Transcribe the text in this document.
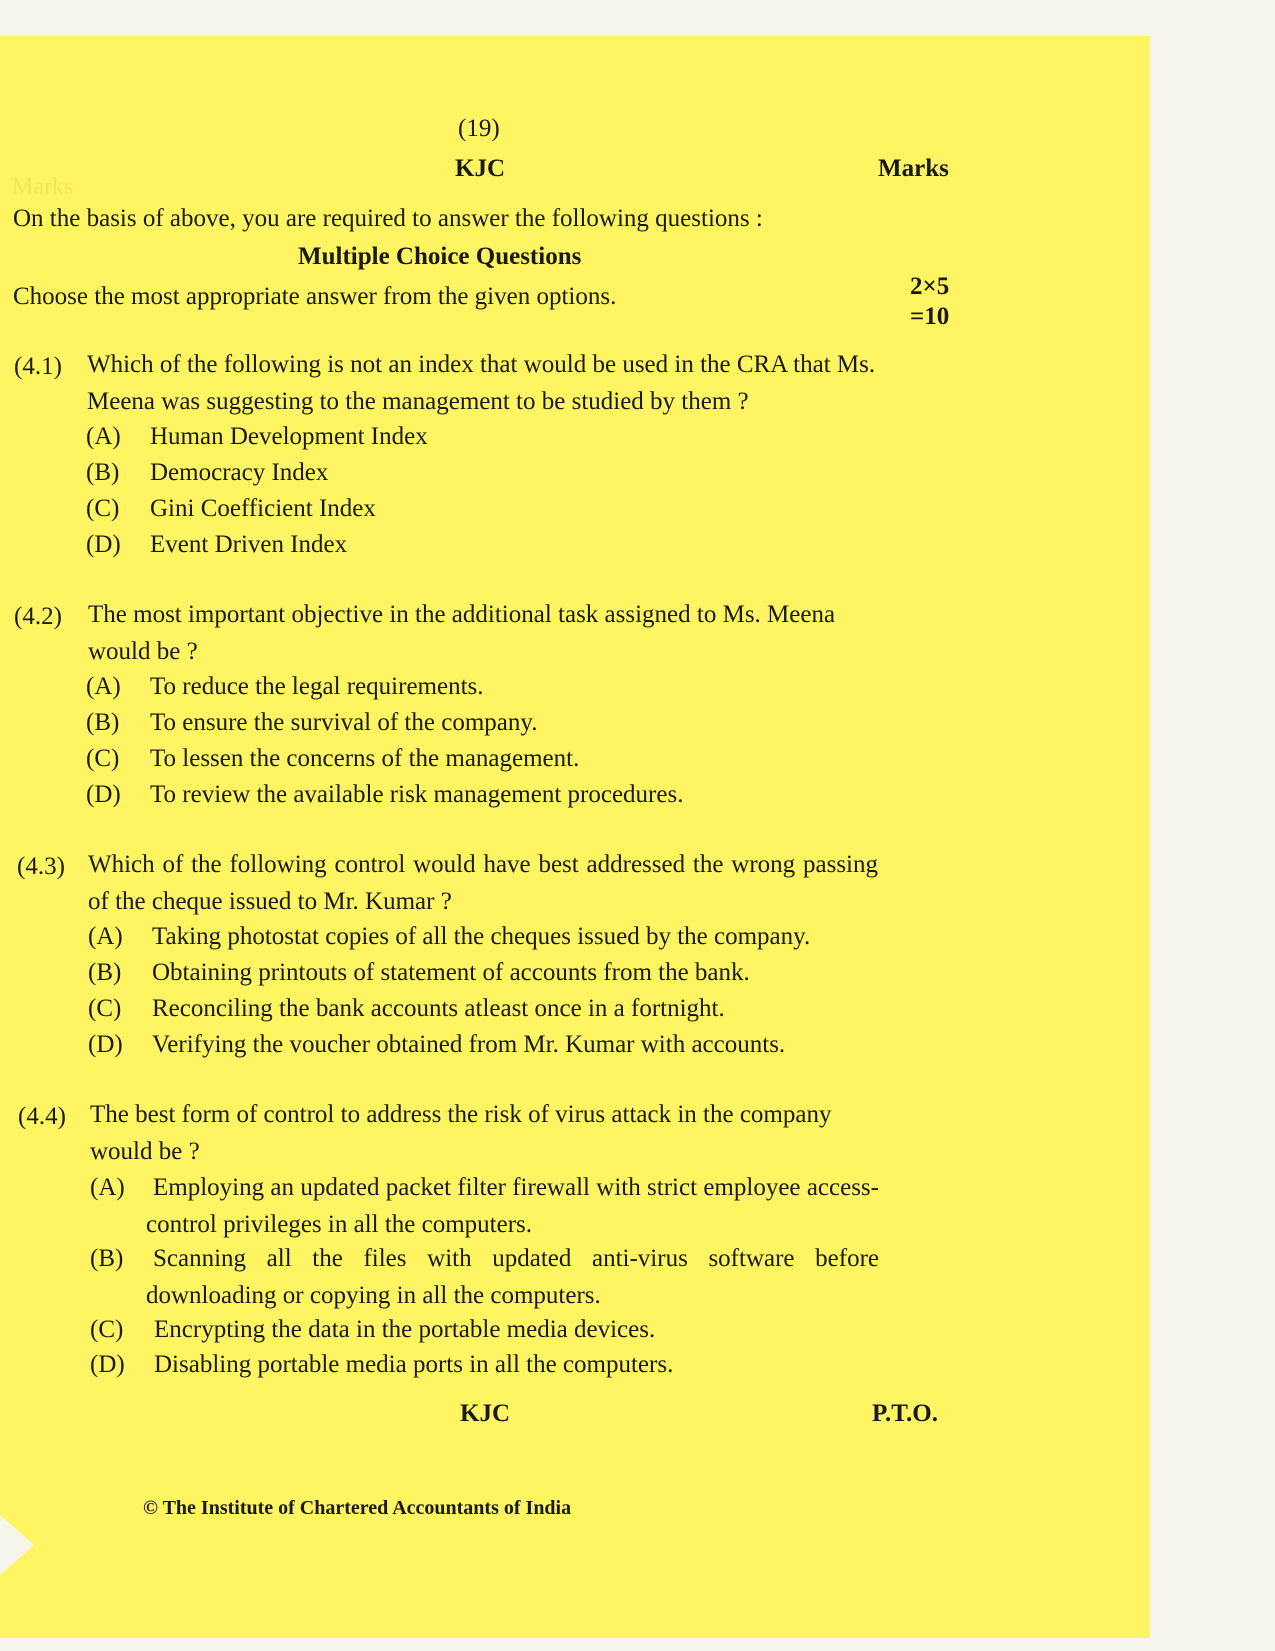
Marks

(19)
KJC	Marks
On the basis of above, you are required to answer the following questions :
Multiple Choice Questions
Choose the most appropriate answer from the given options.	2×5
=10
(4.1) Which of the following is not an index that would be used in the CRA that Ms. Meena was suggesting to the management to be studied by them ?
(A) Human Development Index
(B) Democracy Index
(C) Gini Coefficient Index
(D) Event Driven Index
(4.2) The most important objective in the additional task assigned to Ms. Meena would be ?
(A) To reduce the legal requirements.
(B) To ensure the survival of the company.
(C) To lessen the concerns of the management.
(D) To review the available risk management procedures.
(4.3) Which of the following control would have best addressed the wrong passing of the cheque issued to Mr. Kumar ?
(A) Taking photostat copies of all the cheques issued by the company.
(B) Obtaining printouts of statement of accounts from the bank.
(C) Reconciling the bank accounts atleast once in a fortnight.
(D) Verifying the voucher obtained from Mr. Kumar with accounts.
(4.4) The best form of control to address the risk of virus attack in the company would be ?
(A)	Employing an updated packet filter firewall with strict employee access-control privileges in all the computers.
(B)	Scanning all the files with updated anti-virus software before downloading or copying in all the computers.
(C) Encrypting the data in the portable media devices.
(D) Disabling portable media ports in all the computers.
KJC	P.T.O.
© The Institute of Chartered Accountants of India
